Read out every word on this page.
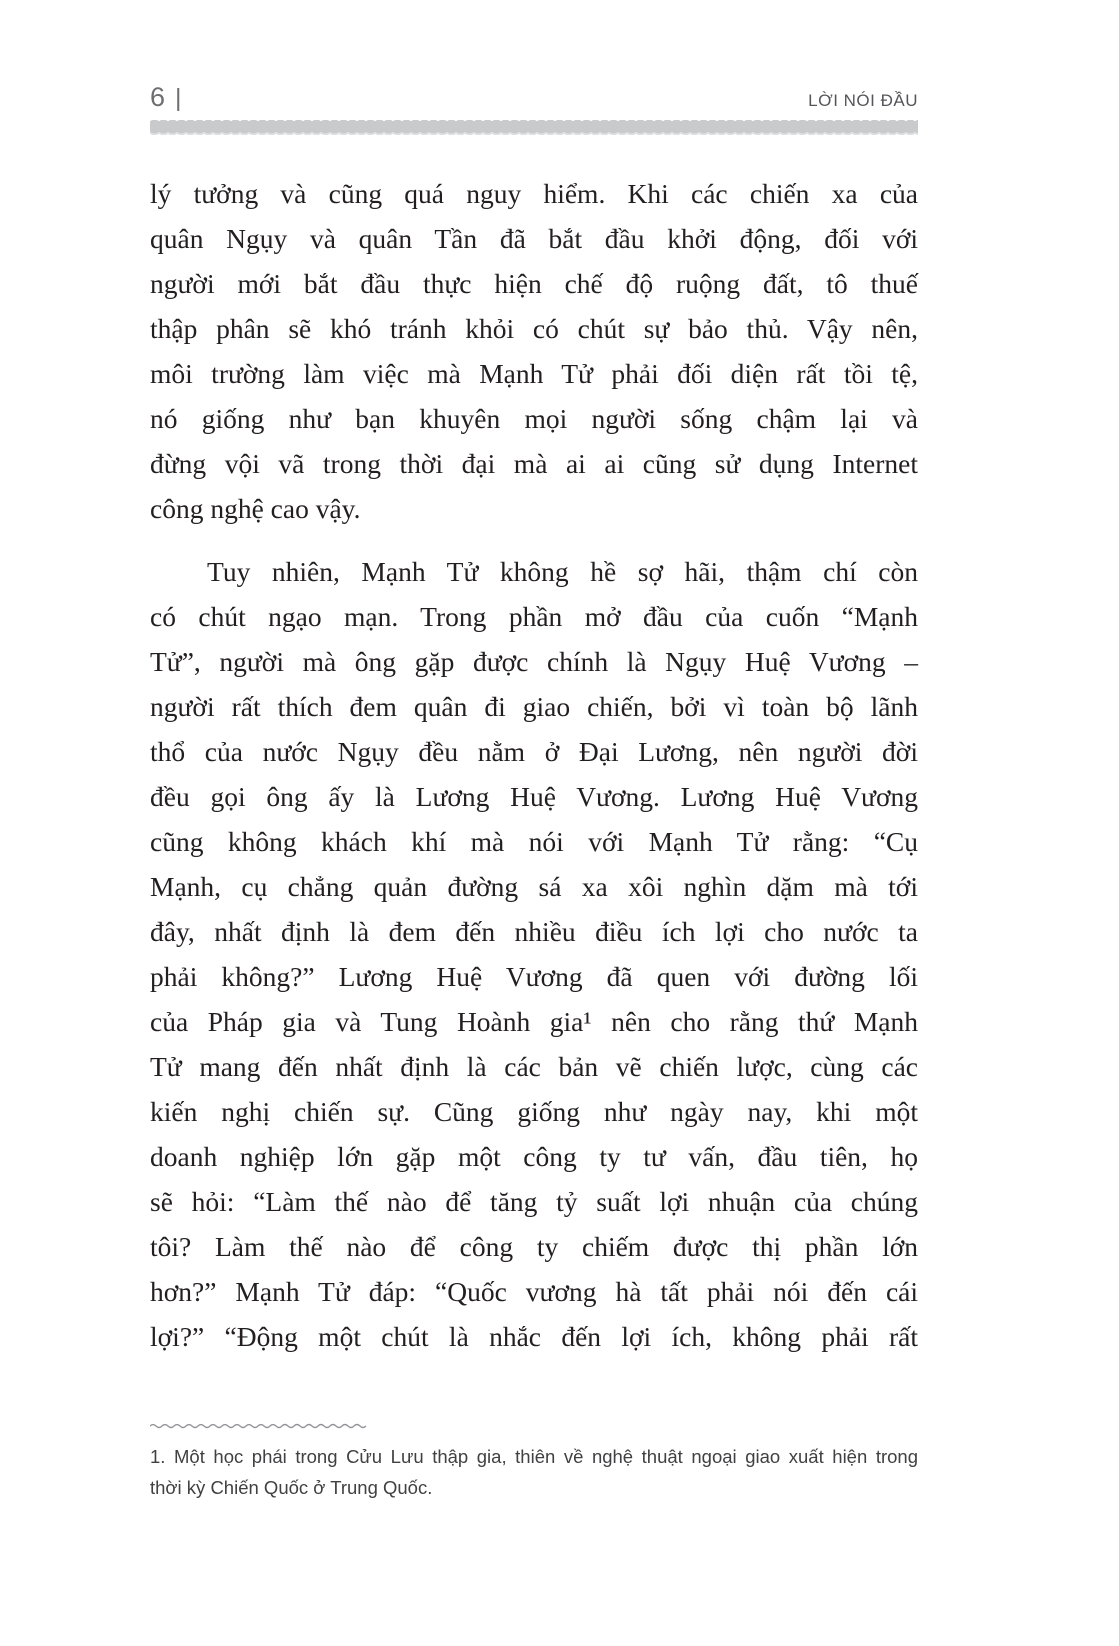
6 |	LỜI NÓI ĐẦU
lý tưởng và cũng quá nguy hiểm. Khi các chiến xa của
quân Ngụy và quân Tần đã bắt đầu khởi động, đối với
người mới bắt đầu thực hiện chế độ ruộng đất, tô thuế
thập phân sẽ khó tránh khỏi có chút sự bảo thủ. Vậy nên,
môi trường làm việc mà Mạnh Tử phải đối diện rất tồi tệ,
nó giống như bạn khuyên mọi người sống chậm lại và
đừng vội vã trong thời đại mà ai ai cũng sử dụng Internet
công nghệ cao vậy.
Tuy nhiên, Mạnh Tử không hề sợ hãi, thậm chí còn
có chút ngạo mạn. Trong phần mở đầu của cuốn “Mạnh
Tử”, người mà ông gặp được chính là Ngụy Huệ Vương –
người rất thích đem quân đi giao chiến, bởi vì toàn bộ lãnh
thổ của nước Ngụy đều nằm ở Đại Lương, nên người đời
đều gọi ông ấy là Lương Huệ Vương. Lương Huệ Vương
cũng không khách khí mà nói với Mạnh Tử rằng: “Cụ
Mạnh, cụ chẳng quản đường sá xa xôi nghìn dặm mà tới
đây, nhất định là đem đến nhiều điều ích lợi cho nước ta
phải không?” Lương Huệ Vương đã quen với đường lối
của Pháp gia và Tung Hoành gia¹ nên cho rằng thứ Mạnh
Tử mang đến nhất định là các bản vẽ chiến lược, cùng các
kiến nghị chiến sự. Cũng giống như ngày nay, khi một
doanh nghiệp lớn gặp một công ty tư vấn, đầu tiên, họ
sẽ hỏi: “Làm thế nào để tăng tỷ suất lợi nhuận của chúng
tôi? Làm thế nào để công ty chiếm được thị phần lớn
hơn?” Mạnh Tử đáp: “Quốc vương hà tất phải nói đến cái
lợi?” “Động một chút là nhắc đến lợi ích, không phải rất
1. Một học phái trong Cửu Lưu thập gia, thiên về nghệ thuật ngoại giao xuất hiện trong
thời kỳ Chiến Quốc ở Trung Quốc.
